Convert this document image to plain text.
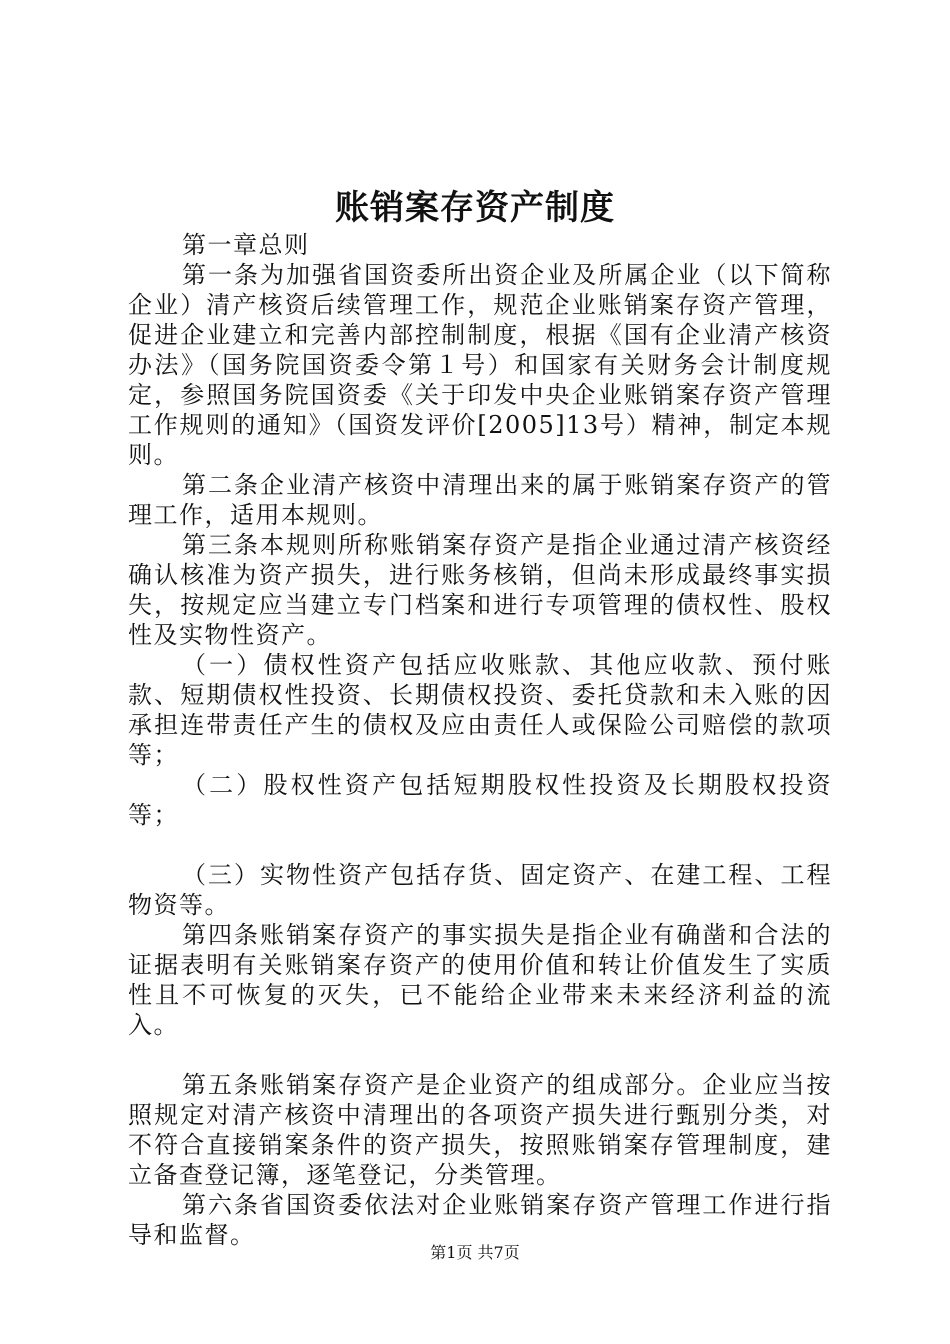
账销案存资产制度

第一章总则

第一条为加强省国资委所出资企业及所属企业（以下简称企业）清产核资后续管理工作，规范企业账销案存资产管理，促进企业建立和完善内部控制制度，根据《国有企业清产核资办法》（国务院国资委令第１号）和国家有关财务会计制度规定，参照国务院国资委《关于印发中央企业账销案存资产管理工作规则的通知》（国资发评价[2005]13号）精神，制定本规则。

第二条企业清产核资中清理出来的属于账销案存资产的管理工作，适用本规则。

第三条本规则所称账销案存资产是指企业通过清产核资经确认核准为资产损失，进行账务核销，但尚未形成最终事实损失，按规定应当建立专门档案和进行专项管理的债权性、股权性及实物性资产。

（一）债权性资产包括应收账款、其他应收款、预付账款、短期债权性投资、长期债权投资、委托贷款和未入账的因承担连带责任产生的债权及应由责任人或保险公司赔偿的款项等；

（二）股权性资产包括短期股权性投资及长期股权投资等；

（三）实物性资产包括存货、固定资产、在建工程、工程物资等。

第四条账销案存资产的事实损失是指企业有确凿和合法的证据表明有关账销案存资产的使用价值和转让价值发生了实质性且不可恢复的灭失，已不能给企业带来未来经济利益的流入。

第五条账销案存资产是企业资产的组成部分。企业应当按照规定对清产核资中清理出的各项资产损失进行甄别分类，对不符合直接销案条件的资产损失，按照账销案存管理制度，建立备查登记簿，逐笔登记，分类管理。

第六条省国资委依法对企业账销案存资产管理工作进行指导和监督。

第1页 共7页
